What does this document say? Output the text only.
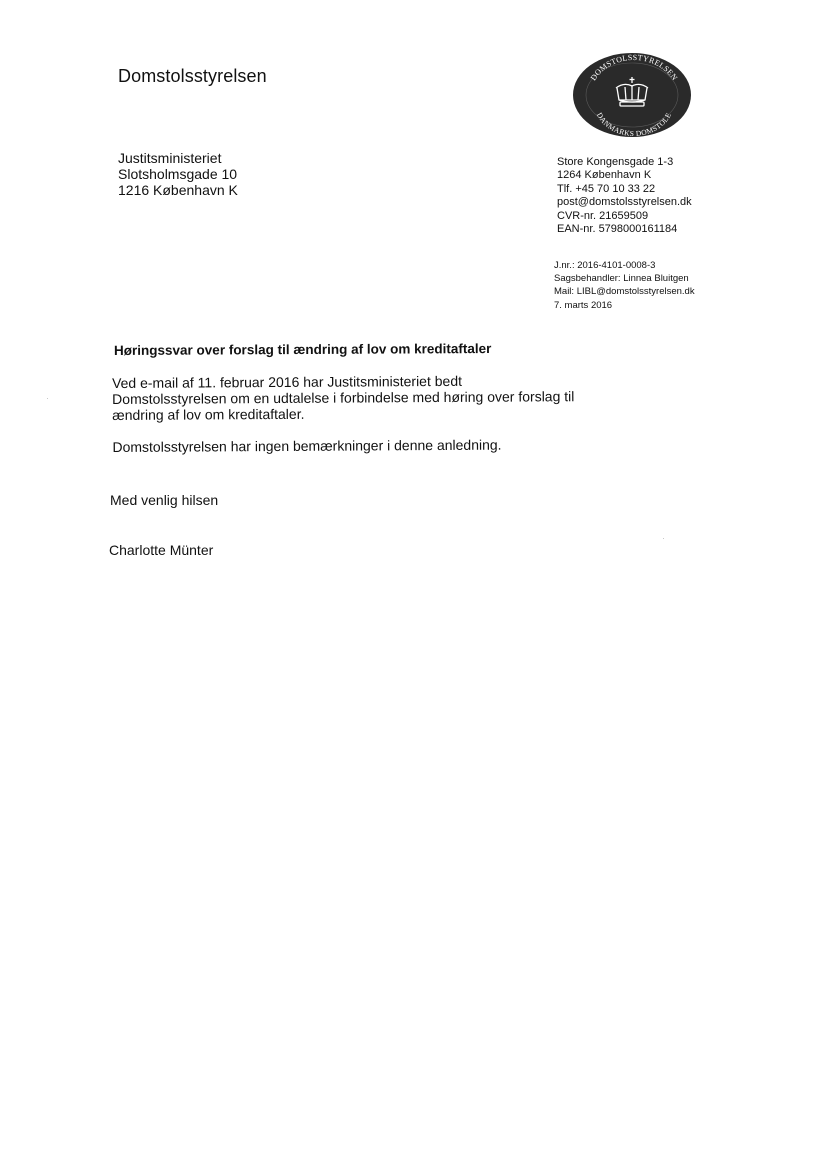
Domstolsstyrelsen	DOMSTOLSSTYRELSEN
DANMARKS DOMSTOLE
Justitsministeriet
Slotsholmsgade 10
1216 København K
Store Kongensgade 1-3
1264 København K
Tlf. +45 70 10 33 22
post@domstolsstyrelsen.dk
CVR-nr. 21659509
EAN-nr. 5798000161184
J.nr.: 2016-4101-0008-3
Sagsbehandler: Linnea Bluitgen
Mail: LIBL@domstolsstyrelsen.dk
7. marts 2016
Høringssvar over forslag til ændring af lov om kreditaftaler
Ved e-mail af 11. februar 2016 har Justitsministeriet bedt
Domstolsstyrelsen om en udtalelse i forbindelse med høring over forslag til
ændring af lov om kreditaftaler.
Domstolsstyrelsen har ingen bemærkninger i denne anledning.
Med venlig hilsen
Charlotte Münter
